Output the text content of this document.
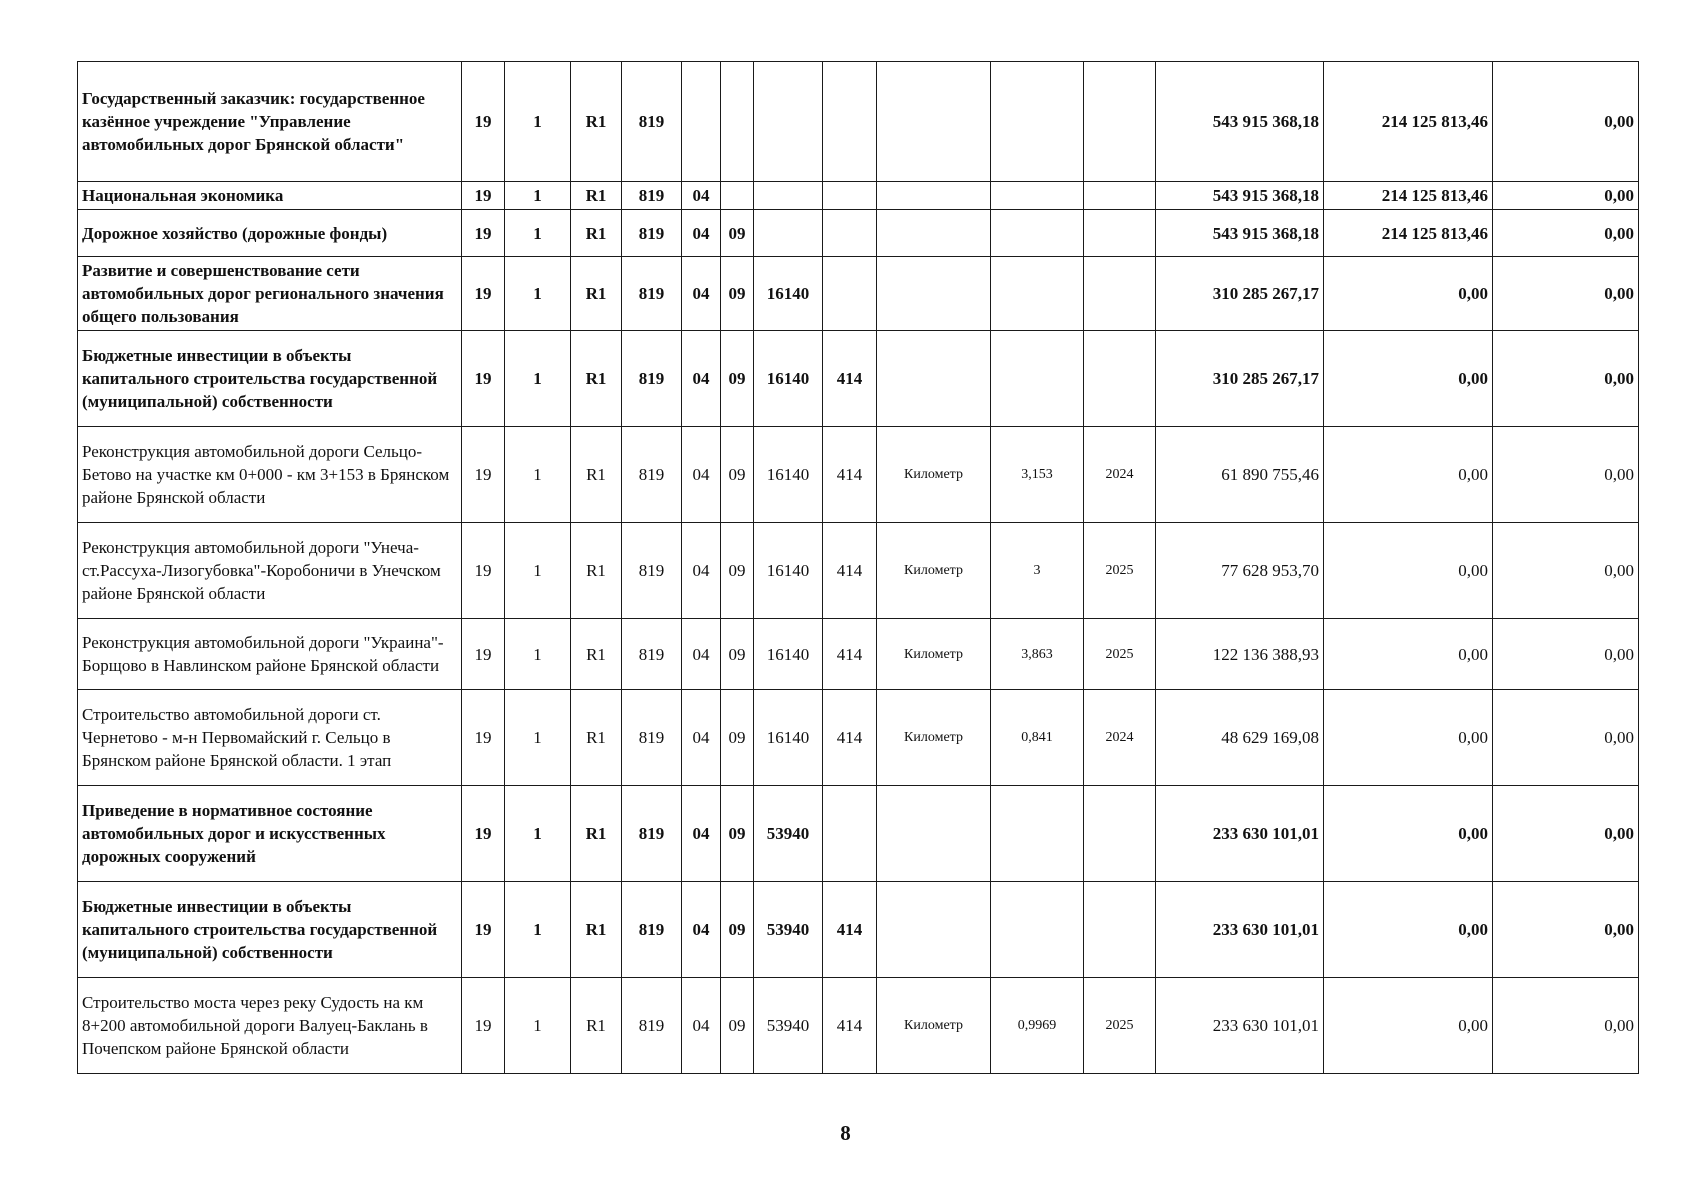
Государственный заказчик: государственное казённое учреждение "Управление автомобильных дорог Брянской области"	19	1	R1	819								543 915 368,18	214 125 813,46	0,00
Национальная экономика	19	1	R1	819	04							543 915 368,18	214 125 813,46	0,00
Дорожное хозяйство (дорожные фонды)	19	1	R1	819	04	09						543 915 368,18	214 125 813,46	0,00
Развитие и совершенствование сети автомобильных дорог регионального значения общего пользования	19	1	R1	819	04	09	16140					310 285 267,17	0,00	0,00
Бюджетные инвестиции в объекты капитального строительства государственной (муниципальной) собственности	19	1	R1	819	04	09	16140	414				310 285 267,17	0,00	0,00
Реконструкция автомобильной дороги Сельцо-Бетово на участке км 0+000 - км 3+153 в Брянском районе Брянской области	19	1	R1	819	04	09	16140	414	Километр	3,153	2024	61 890 755,46	0,00	0,00
Реконструкция автомобильной дороги "Унеча-ст.Рассуха-Лизогубовка"-Коробоничи в Унечском районе Брянской области	19	1	R1	819	04	09	16140	414	Километр	3	2025	77 628 953,70	0,00	0,00
Реконструкция автомобильной дороги "Украина"-Борщово в Навлинском районе Брянской области	19	1	R1	819	04	09	16140	414	Километр	3,863	2025	122 136 388,93	0,00	0,00
Строительство автомобильной дороги ст. Чернетово - м-н Первомайский г. Сельцо в Брянском районе Брянской области. 1 этап	19	1	R1	819	04	09	16140	414	Километр	0,841	2024	48 629 169,08	0,00	0,00
Приведение в нормативное состояние автомобильных дорог и искусственных дорожных сооружений	19	1	R1	819	04	09	53940					233 630 101,01	0,00	0,00
Бюджетные инвестиции в объекты капитального строительства государственной (муниципальной) собственности	19	1	R1	819	04	09	53940	414				233 630 101,01	0,00	0,00
Строительство моста через реку Судость на км 8+200 автомобильной дороги Валуец-Баклань в Почепском районе Брянской области	19	1	R1	819	04	09	53940	414	Километр	0,9969	2025	233 630 101,01	0,00	0,00
8
